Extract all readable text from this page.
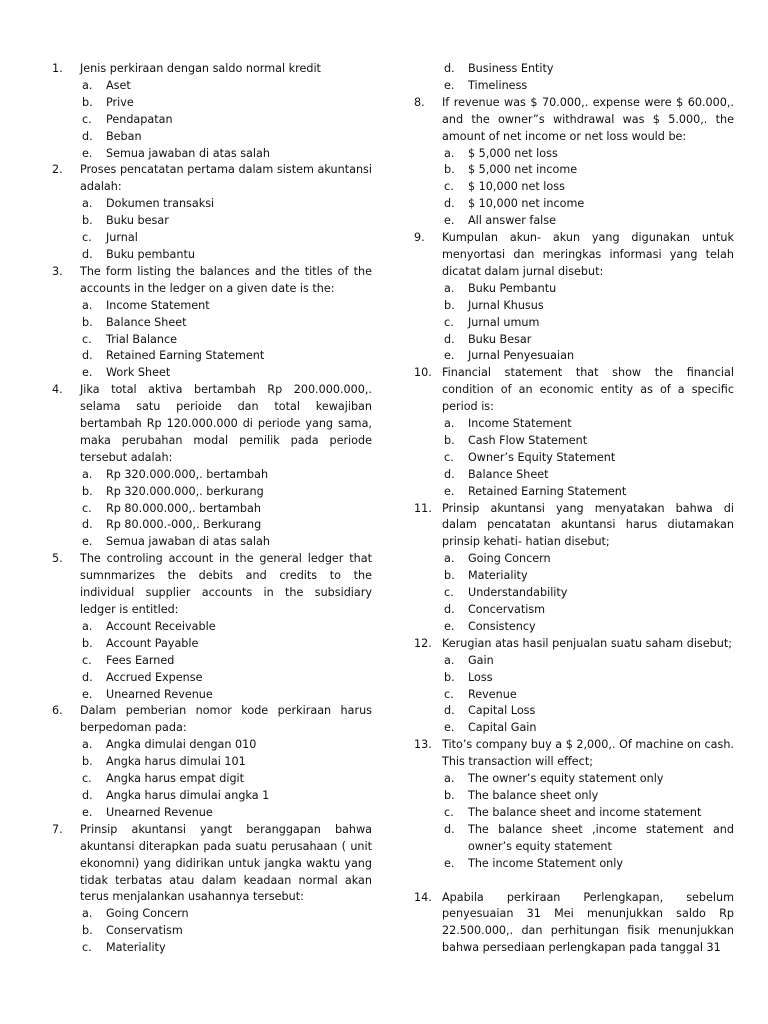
1.	Jenis perkiraan dengan saldo normal kredit
a.	Aset
b.	Prive
c.	Pendapatan
d.	Beban
e.	Semua jawaban di atas salah
2.	Proses pencatatan pertama dalam sistem akuntansi adalah:
a.	Dokumen transaksi
b.	Buku besar
c.	Jurnal
d.	Buku pembantu
3.	The form listing the balances and the titles of the accounts in the ledger on a given date is the:
a.	Income Statement
b.	Balance Sheet
c.	Trial Balance
d.	Retained Earning Statement
e.	Work Sheet
4.	Jika total aktiva bertambah Rp 200.000.000,. selama satu perioide dan total kewajiban bertambah Rp 120.000.000 di periode yang sama, maka perubahan modal pemilik pada periode tersebut adalah:
a.	Rp 320.000.000,. bertambah
b.	Rp 320.000.000,. berkurang
c.	Rp 80.000.000,. bertambah
d.	Rp 80.000.-000,. Berkurang
e.	Semua jawaban di atas salah
5.	The controling account in the general ledger that sumnmarizes the debits and credits to the individual supplier accounts in the subsidiary ledger is entitled:
a.	Account Receivable
b.	Account Payable
c.	Fees Earned
d.	Accrued Expense
e.	Unearned Revenue
6.	Dalam pemberian nomor kode perkiraan harus berpedoman pada:
a.	Angka dimulai dengan 010
b.	Angka harus dimulai 101
c.	Angka harus empat digit
d.	Angka harus dimulai angka 1
e.	Unearned Revenue
7.	Prinsip akuntansi yangt beranggapan bahwa akuntansi diterapkan pada suatu perusahaan ( unit ekonomni) yang didirikan untuk jangka waktu yang tidak terbatas atau dalam keadaan normal akan terus menjalankan usahannya tersebut:
a.	Going Concern
b.	Conservatism
c.	Materiality
d.	Business Entity
e.	Timeliness
8.	If revenue was $ 70.000,. expense were $ 60.000,. and the owner”s withdrawal was $ 5.000,. the amount of net income or net loss would be:
a.	$ 5,000 net loss
b.	$ 5,000 net income
c.	$ 10,000 net loss
d.	$ 10,000 net income
e.	All answer false
9.	Kumpulan akun- akun yang digunakan untuk menyortasi dan meringkas informasi yang telah dicatat dalam jurnal disebut:
a.	Buku Pembantu
b.	Jurnal Khusus
c.	Jurnal umum
d.	Buku Besar
e.	Jurnal Penyesuaian
10. Financial statement that show the financial condition of an economic entity as of a specific period is:
a.	Income Statement
b.	Cash Flow Statement
c.	Owner’s Equity Statement
d.	Balance Sheet
e.	Retained Earning Statement
11. Prinsip akuntansi yang menyatakan bahwa di dalam pencatatan akuntansi harus diutamakan prinsip kehati- hatian disebut;
a.	Going Concern
b.	Materiality
c.	Understandability
d.	Concervatism
e.	Consistency
12. Kerugian atas hasil penjualan suatu saham disebut;
a.	Gain
b.	Loss
c.	Revenue
d.	Capital Loss
e.	Capital Gain
13. Tito’s company buy a $ 2,000,. Of machine on cash. This transaction will effect;
a.	The owner’s equity statement only
b.	The balance sheet only
c.	The balance sheet and income statement
d.	The balance sheet ,income statement and owner’s equity statement
e.	The income Statement only
14. Apabila perkiraan Perlengkapan, sebelum penyesuaian 31 Mei menunjukkan saldo Rp 22.500.000,. dan perhitungan fisik menunjukkan bahwa persediaan perlengkapan pada tanggal 31
